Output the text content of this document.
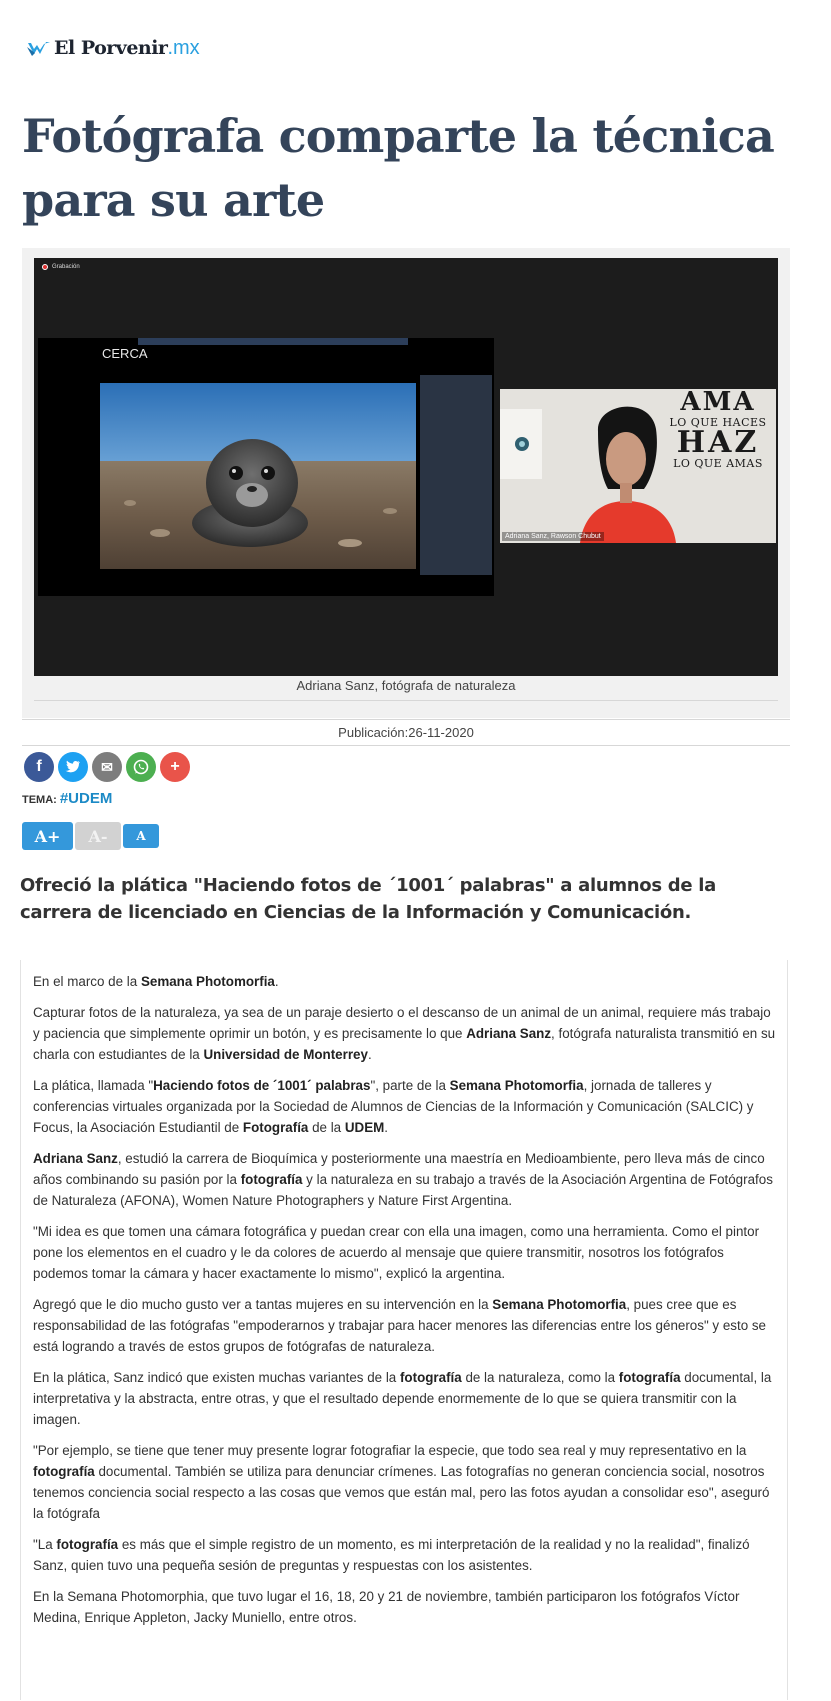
El Porvenir .mx
Fotógrafa comparte la técnica
para su arte
Grabación
CERCA
AMA
LO QUE HACES
HAZ
LO QUE AMAS
Adriana Sanz, Rawson Chubut
Adriana Sanz, fotógrafa de naturaleza
Publicación:26-11-2020
f	✉	+
TEMA: #UDEM
A+	A-	A

Ofreció la plática "Haciendo fotos de ´1001´ palabras" a alumnos de la carrera de licenciado en Ciencias de la Información y Comunicación.

En el marco de la Semana Photomorfia.

Capturar fotos de la naturaleza, ya sea de un paraje desierto o el descanso de un animal de un animal, requiere más trabajo y paciencia que simplemente oprimir un botón, y es precisamente lo que Adriana Sanz, fotógrafa naturalista transmitió en su charla con estudiantes de la Universidad de Monterrey.

La plática, llamada "Haciendo fotos de ´1001´ palabras", parte de la Semana Photomorfia, jornada de talleres y conferencias virtuales organizada por la Sociedad de Alumnos de Ciencias de la Información y Comunicación (SALCIC) y Focus, la Asociación Estudiantil de Fotografía de la UDEM.

Adriana Sanz, estudió la carrera de Bioquímica y posteriormente una maestría en Medioambiente, pero lleva más de cinco años combinando su pasión por la fotografía y la naturaleza en su trabajo a través de la Asociación Argentina de Fotógrafos de Naturaleza (AFONA), Women Nature Photographers y Nature First Argentina.

"Mi idea es que tomen una cámara fotográfica y puedan crear con ella una imagen, como una herramienta. Como el pintor pone los elementos en el cuadro y le da colores de acuerdo al mensaje que quiere transmitir, nosotros los fotógrafos podemos tomar la cámara y hacer exactamente lo mismo", explicó la argentina.

Agregó que le dio mucho gusto ver a tantas mujeres en su intervención en la Semana Photomorfia, pues cree que es responsabilidad de las fotógrafas "empoderarnos y trabajar para hacer menores las diferencias entre los géneros" y esto se está logrando a través de estos grupos de fotógrafas de naturaleza.

En la plática, Sanz indicó que existen muchas variantes de la fotografía de la naturaleza, como la fotografía documental, la interpretativa y la abstracta, entre otras, y que el resultado depende enormemente de lo que se quiera transmitir con la imagen.

"Por ejemplo, se tiene que tener muy presente lograr fotografiar la especie, que todo sea real y muy representativo en la fotografía documental. También se utiliza para denunciar crímenes. Las fotografías no generan conciencia social, nosotros tenemos conciencia social respecto a las cosas que vemos que están mal, pero las fotos ayudan a consolidar eso", aseguró la fotógrafa

"La fotografía es más que el simple registro de un momento, es mi interpretación de la realidad y no la realidad", finalizó Sanz, quien tuvo una pequeña sesión de preguntas y respuestas con los asistentes.

En la Semana Photomorphia, que tuvo lugar el 16, 18, 20 y 21 de noviembre, también participaron los fotógrafos Víctor Medina, Enrique Appleton, Jacky Muniello, entre otros.
